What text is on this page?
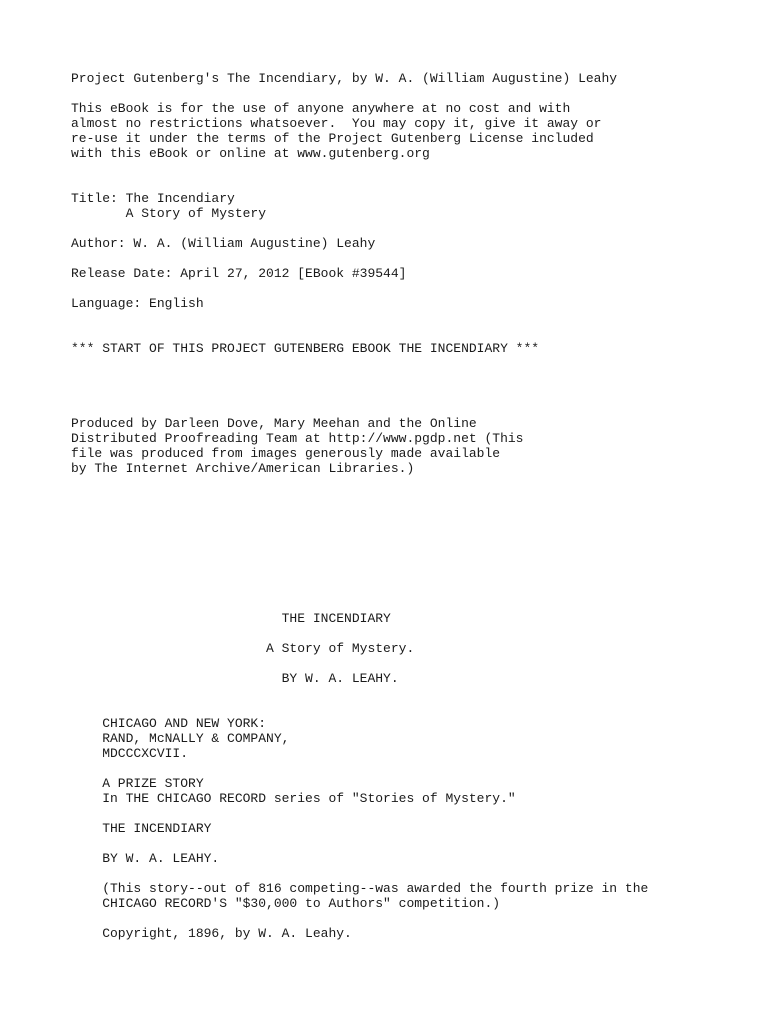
Project Gutenberg's The Incendiary, by W. A. (William Augustine) Leahy
This eBook is for the use of anyone anywhere at no cost and with
almost no restrictions whatsoever.  You may copy it, give it away or
re-use it under the terms of the Project Gutenberg License included
with this eBook or online at www.gutenberg.org
Title: The Incendiary
A Story of Mystery
Author: W. A. (William Augustine) Leahy
Release Date: April 27, 2012 [EBook #39544]
Language: English
*** START OF THIS PROJECT GUTENBERG EBOOK THE INCENDIARY ***
Produced by Darleen Dove, Mary Meehan and the Online
Distributed Proofreading Team at http://www.pgdp.net (This
file was produced from images generously made available
by The Internet Archive/American Libraries.)
THE INCENDIARY
A Story of Mystery.
BY W. A. LEAHY.
CHICAGO AND NEW YORK:
RAND, McNALLY & COMPANY,
MDCCCXCVII.
A PRIZE STORY
In THE CHICAGO RECORD series of "Stories of Mystery."
THE INCENDIARY
BY W. A. LEAHY.
(This story--out of 816 competing--was awarded the fourth prize in the
CHICAGO RECORD'S "$30,000 to Authors" competition.)
Copyright, 1896, by W. A. Leahy.
